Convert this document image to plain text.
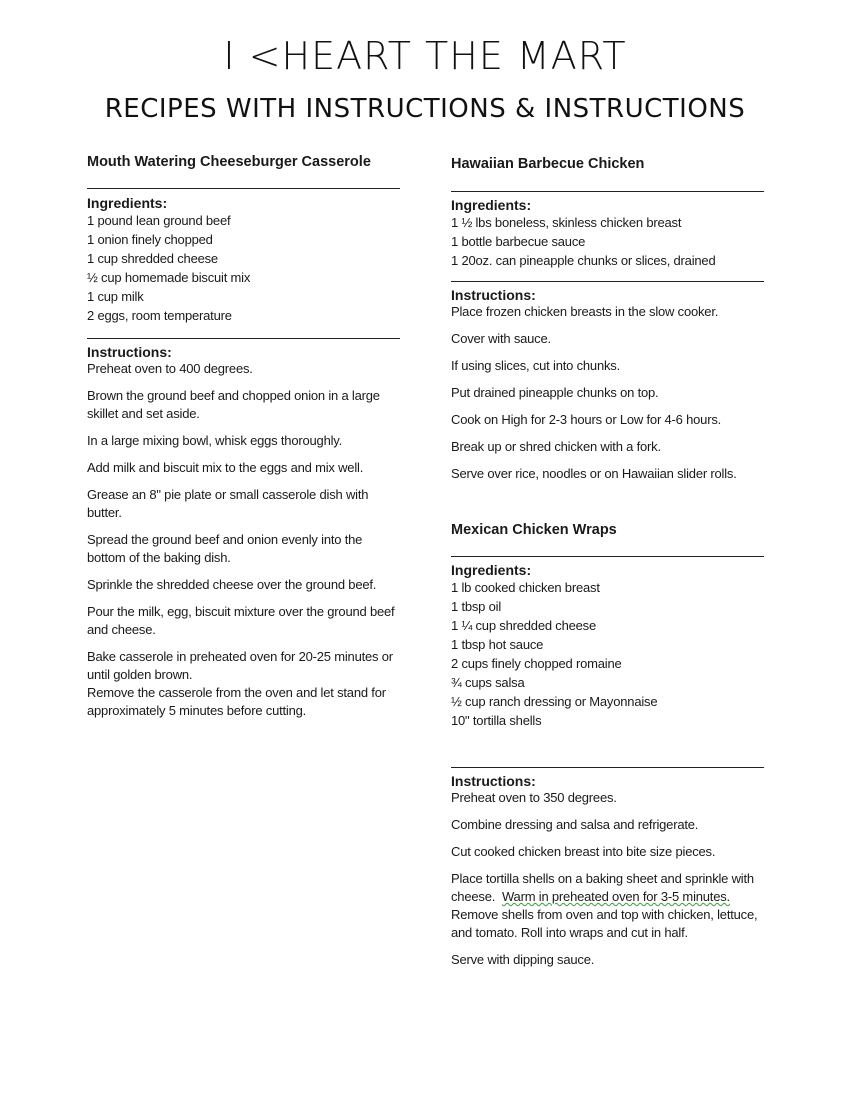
I <HEART THE MART
RECIPES WITH INSTRUCTIONS & INSTRUCTIONS
Mouth Watering Cheeseburger Casserole

Ingredients:

1 pound lean ground beef

1 onion finely chopped

1 cup shredded cheese

½ cup homemade biscuit mix

1 cup milk

2 eggs, room temperature

Instructions:

Preheat oven to 400 degrees.

Brown the ground beef and chopped onion in a large skillet and set aside.

In a large mixing bowl, whisk eggs thoroughly.

Add milk and biscuit mix to the eggs and mix well.

Grease an 8" pie plate or small casserole dish with butter.

Spread the ground beef and onion evenly into the bottom of the baking dish.

Sprinkle the shredded cheese over the ground beef.

Pour the milk, egg, biscuit mixture over the ground beef and cheese.

Bake casserole in preheated oven for 20-25 minutes or until golden brown.

Remove the casserole from the oven and let stand for approximately 5 minutes before cutting.

Hawaiian Barbecue Chicken

Ingredients:

1 ½ lbs boneless, skinless chicken breast

1 bottle barbecue sauce

1 20oz. can pineapple chunks or slices, drained

Instructions:

Place frozen chicken breasts in the slow cooker.

Cover with sauce.

If using slices, cut into chunks.

Put drained pineapple chunks on top.

Cook on High for 2-3 hours or Low for 4-6 hours.

Break up or shred chicken with a fork.

Serve over rice, noodles or on Hawaiian slider rolls.

Mexican Chicken Wraps

Ingredients:

1 lb cooked chicken breast

1 tbsp oil

1 ¼ cup shredded cheese

1 tbsp hot sauce

2 cups finely chopped romaine

¾ cups salsa

½ cup ranch dressing or Mayonnaise

10" tortilla shells

Instructions:

Preheat oven to 350 degrees.

Combine dressing and salsa and refrigerate.

Cut cooked chicken breast into bite size pieces.

Place tortilla shells on a baking sheet and sprinkle with cheese. Warm in preheated oven for 3-5 minutes.

Remove shells from oven and top with chicken, lettuce, and tomato. Roll into wraps and cut in half.

Serve with dipping sauce.
